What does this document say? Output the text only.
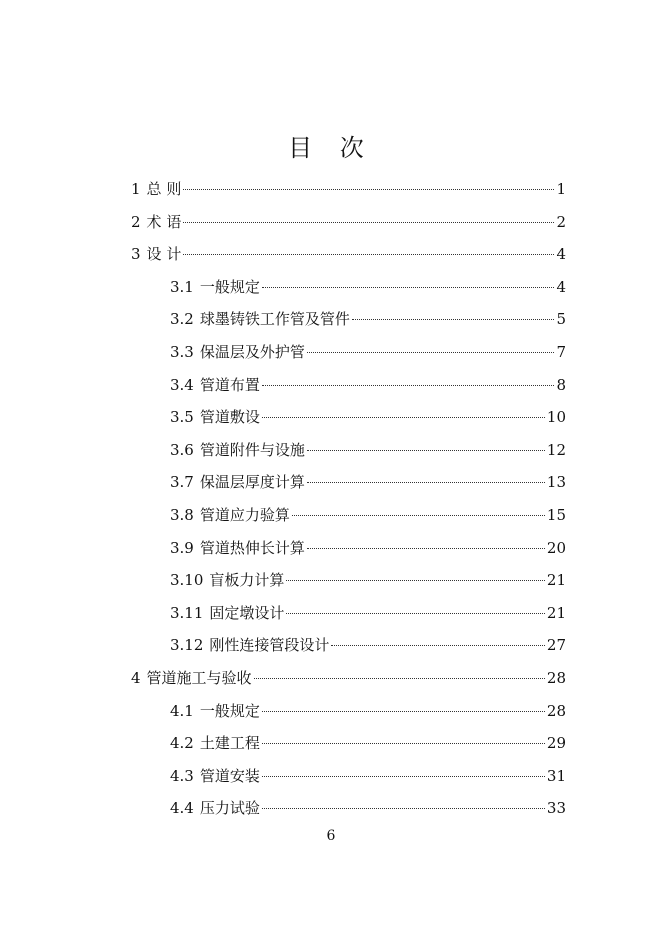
目 次
1 总 则	1
2 术 语	2
3 设 计	4
3.1 一般规定	4
3.2 球墨铸铁工作管及管件	5
3.3 保温层及外护管	7
3.4 管道布置	8
3.5 管道敷设	10
3.6 管道附件与设施	12
3.7 保温层厚度计算	13
3.8 管道应力验算	15
3.9 管道热伸长计算	20
3.10 盲板力计算	21
3.11 固定墩设计	21
3.12 刚性连接管段设计	27
4 管道施工与验收	28
4.1 一般规定	28
4.2 土建工程	29
4.3 管道安装	31
4.4 压力试验	33
6
